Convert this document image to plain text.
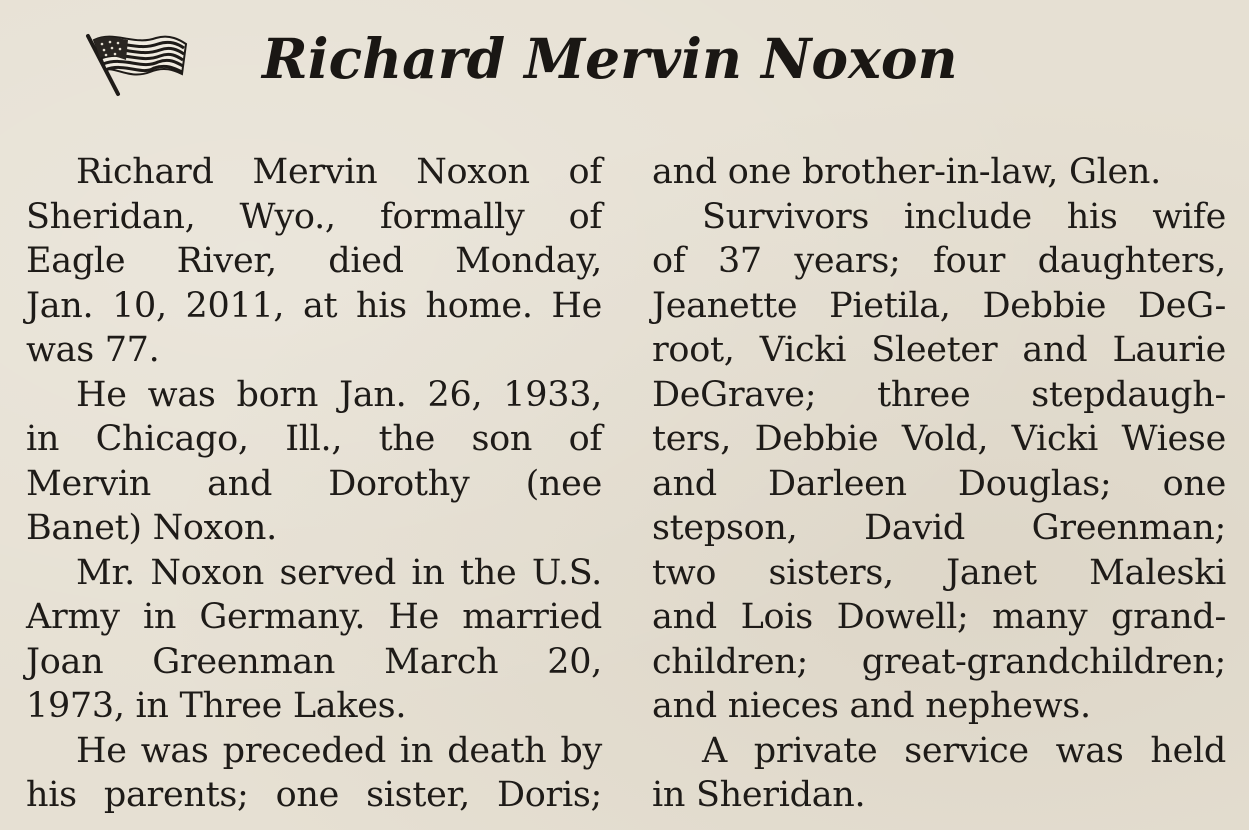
Richard Mervin Noxon
Richard Mervin Noxon of
Sheridan, Wyo., formally of
Eagle River, died Monday,
Jan. 10, 2011, at his home. He
was 77.
He was born Jan. 26, 1933,
in Chicago, Ill., the son of
Mervin and Dorothy (nee
Banet) Noxon.
Mr. Noxon served in the U.S.
Army in Germany. He married
Joan Greenman March 20,
1973, in Three Lakes.
He was preceded in death by
his parents; one sister, Doris;
and one brother-in-law, Glen.
Survivors include his wife
of 37 years; four daughters,
Jeanette Pietila, Debbie DeG-
root, Vicki Sleeter and Laurie
DeGrave; three stepdaugh-
ters, Debbie Vold, Vicki Wiese
and Darleen Douglas; one
stepson, David Greenman;
two sisters, Janet Maleski
and Lois Dowell; many grand-
children; great-grandchildren;
and nieces and nephews.
A private service was held
in Sheridan.
